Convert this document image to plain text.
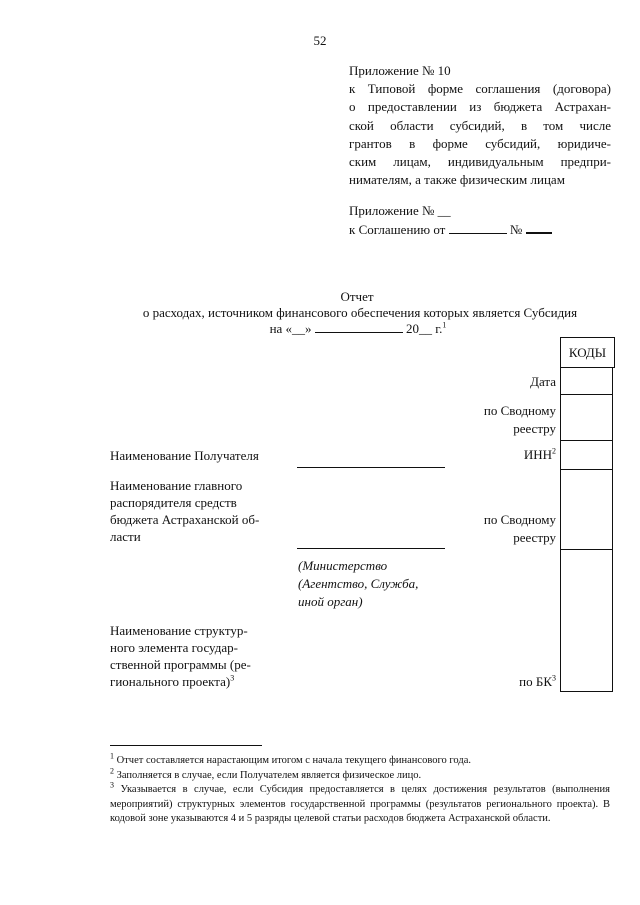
52
Приложение № 10
к Типовой форме соглашения (договора)
о предоставлении из бюджета Астрахан-
ской области субсидий, в том числе
грантов в форме субсидий, юридиче-
ским лицам, индивидуальным предпри-
нимателям, а также физическим лицам
Приложение № __
к Соглашению от	№
Отчет
о расходах, источником финансового обеспечения которых является Субсидия
на «__»	20__ г.$^1$
КОДЫ
Дата
по Сводному
реестру
ИНН$^2$
по Сводному
реестру
по $БК^3$
Наименование Получателя
Наименование главного
распорядителя средств
бюджета Астраханской об-
ласти
(Министерство
(Агентство, Служба,
иной орган)
Наименование структур-
ного элемента государ-
ственной программы (ре-
гионального проекта)$^3$
$^1$ Отчет составляется нарастающим итогом с начала текущего финансового года.
$^2$ Заполняется в случае, если Получателем является физическое лицо.
$^3$ Указывается в случае, если Субсидия предоставляется в целях достижения результатов (выполнения мероприятий) структурных элементов государственной программы (результатов регионального проекта). В кодовой зоне указываются 4 и 5 разряды целевой статьи расходов бюджета Астраханской области.
